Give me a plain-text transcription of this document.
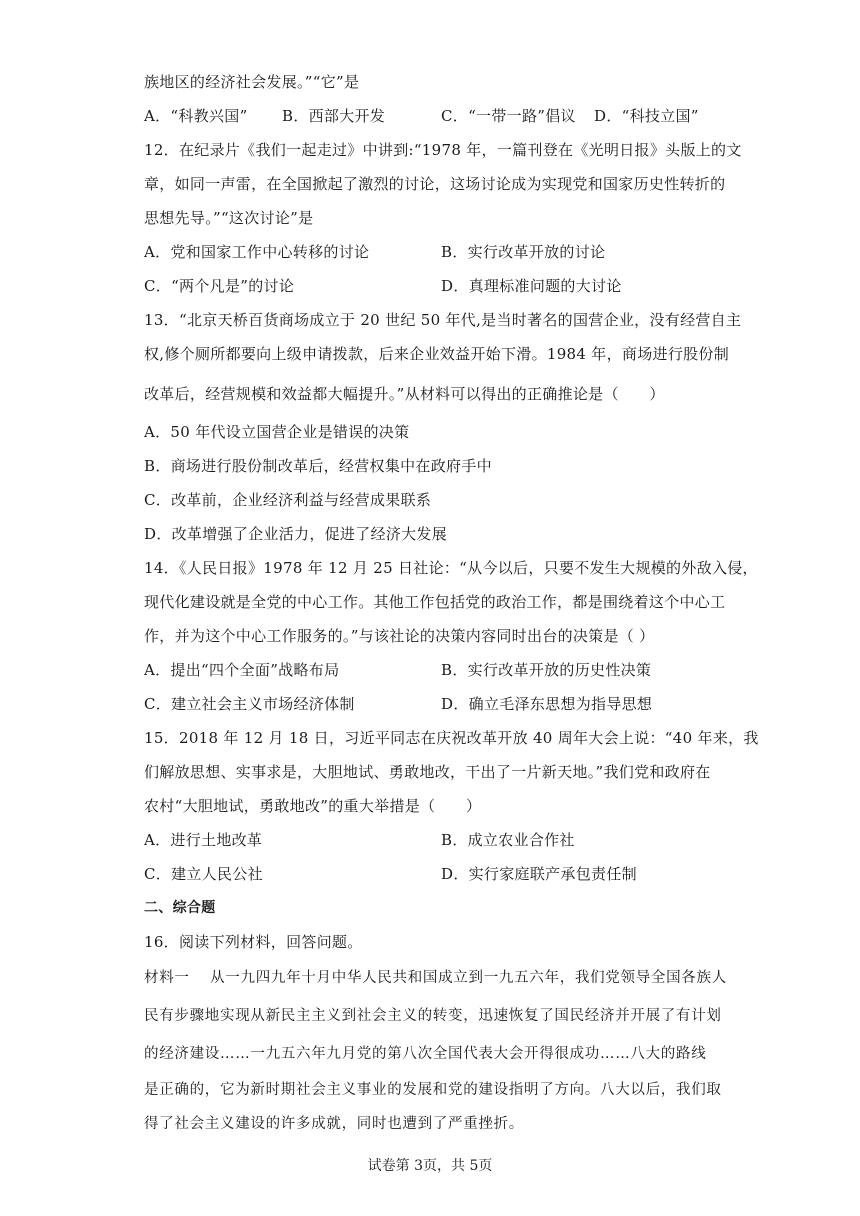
族地区的经济社会发展。”“它”是
A．“科教兴国” B．西部大开发	C．“一带一路”倡议 D．“科技立国”
12．在纪录片《我们一起走过》中讲到:“1978 年，一篇刊登在《光明日报》头版上的文
章，如同一声雷，在全国掀起了激烈的讨论，这场讨论成为实现党和国家历史性转折的
思想先导。”“这次讨论”是
A．党和国家工作中心转移的讨论	B．实行改革开放的讨论
C．“两个凡是”的讨论	D．真理标准问题的大讨论
13．“北京天桥百货商场成立于 20 世纪 50 年代,是当时著名的国营企业，没有经营自主
权,修个厕所都要向上级申请拨款，后来企业效益开始下滑。1984 年，商场进行股份制
改革后，经营规模和效益都大幅提升。”从材料可以得出的正确推论是（　　）
A．50 年代设立国营企业是错误的决策
B．商场进行股份制改革后，经营权集中在政府手中
C．改革前，企业经济利益与经营成果联系
D．改革增强了企业活力，促进了经济大发展
14．《人民日报》1978 年 12 月 25 日社论：“从今以后，只要不发生大规模的外敌入侵，
现代化建设就是全党的中心工作。其他工作包括党的政治工作，都是围绕着这个中心工
作，并为这个中心工作服务的。”与该社论的决策内容同时出台的决策是（ ）
A．提出“四个全面”战略布局	B．实行改革开放的历史性决策
C．建立社会主义市场经济体制	D．确立毛泽东思想为指导思想
15．2018 年 12 月 18 日，习近平同志在庆祝改革开放 40 周年大会上说：“40 年来，我
们解放思想、实事求是，大胆地试、勇敢地改，干出了一片新天地。”我们党和政府在
农村“大胆地试，勇敢地改”的重大举措是（　　）
A．进行土地改革	B．成立农业合作社
C．建立人民公社	D．实行家庭联产承包责任制
二、综合题
16．阅读下列材料，回答问题。
材料一　 从一九四九年十月中华人民共和国成立到一九五六年，我们党领导全国各族人
民有步骤地实现从新民主主义到社会主义的转变，迅速恢复了国民经济并开展了有计划
的经济建设……一九五六年九月党的第八次全国代表大会开得很成功……八大的路线
是正确的，它为新时期社会主义事业的发展和党的建设指明了方向。八大以后，我们取
得了社会主义建设的许多成就，同时也遭到了严重挫折。
试卷第 3页，共 5页
